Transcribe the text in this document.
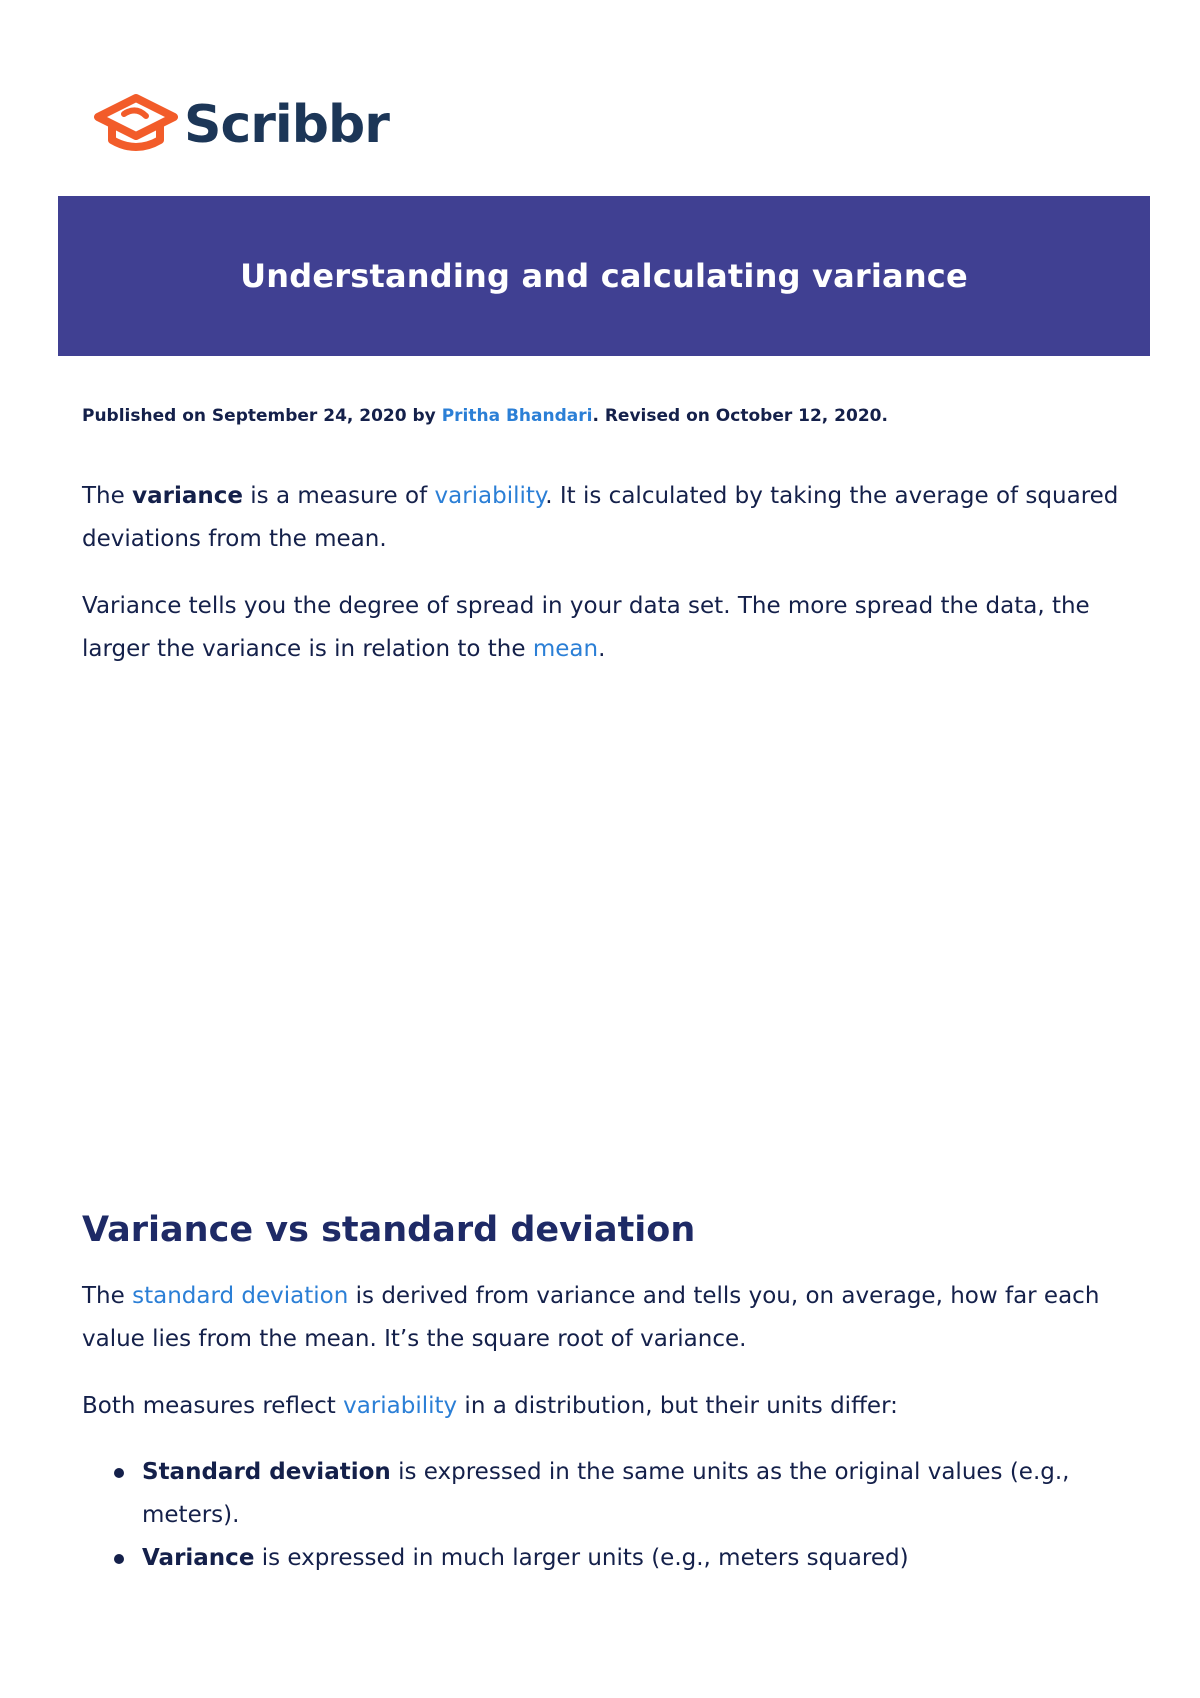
Scribbr
Understanding and calculating variance
Published on September 24, 2020 by Pritha Bhandari. Revised on October 12, 2020.

The variance is a measure of variability. It is calculated by taking the average of squared deviations from the mean.

Variance tells you the degree of spread in your data set. The more spread the data, the larger the variance is in relation to the mean.

Variance vs standard deviation

The standard deviation is derived from variance and tells you, on average, how far each value lies from the mean. It’s the square root of variance.

Both measures reflect variability in a distribution, but their units differ:

Standard deviation is expressed in the same units as the original values (e.g., meters).
Variance is expressed in much larger units (e.g., meters squared)
